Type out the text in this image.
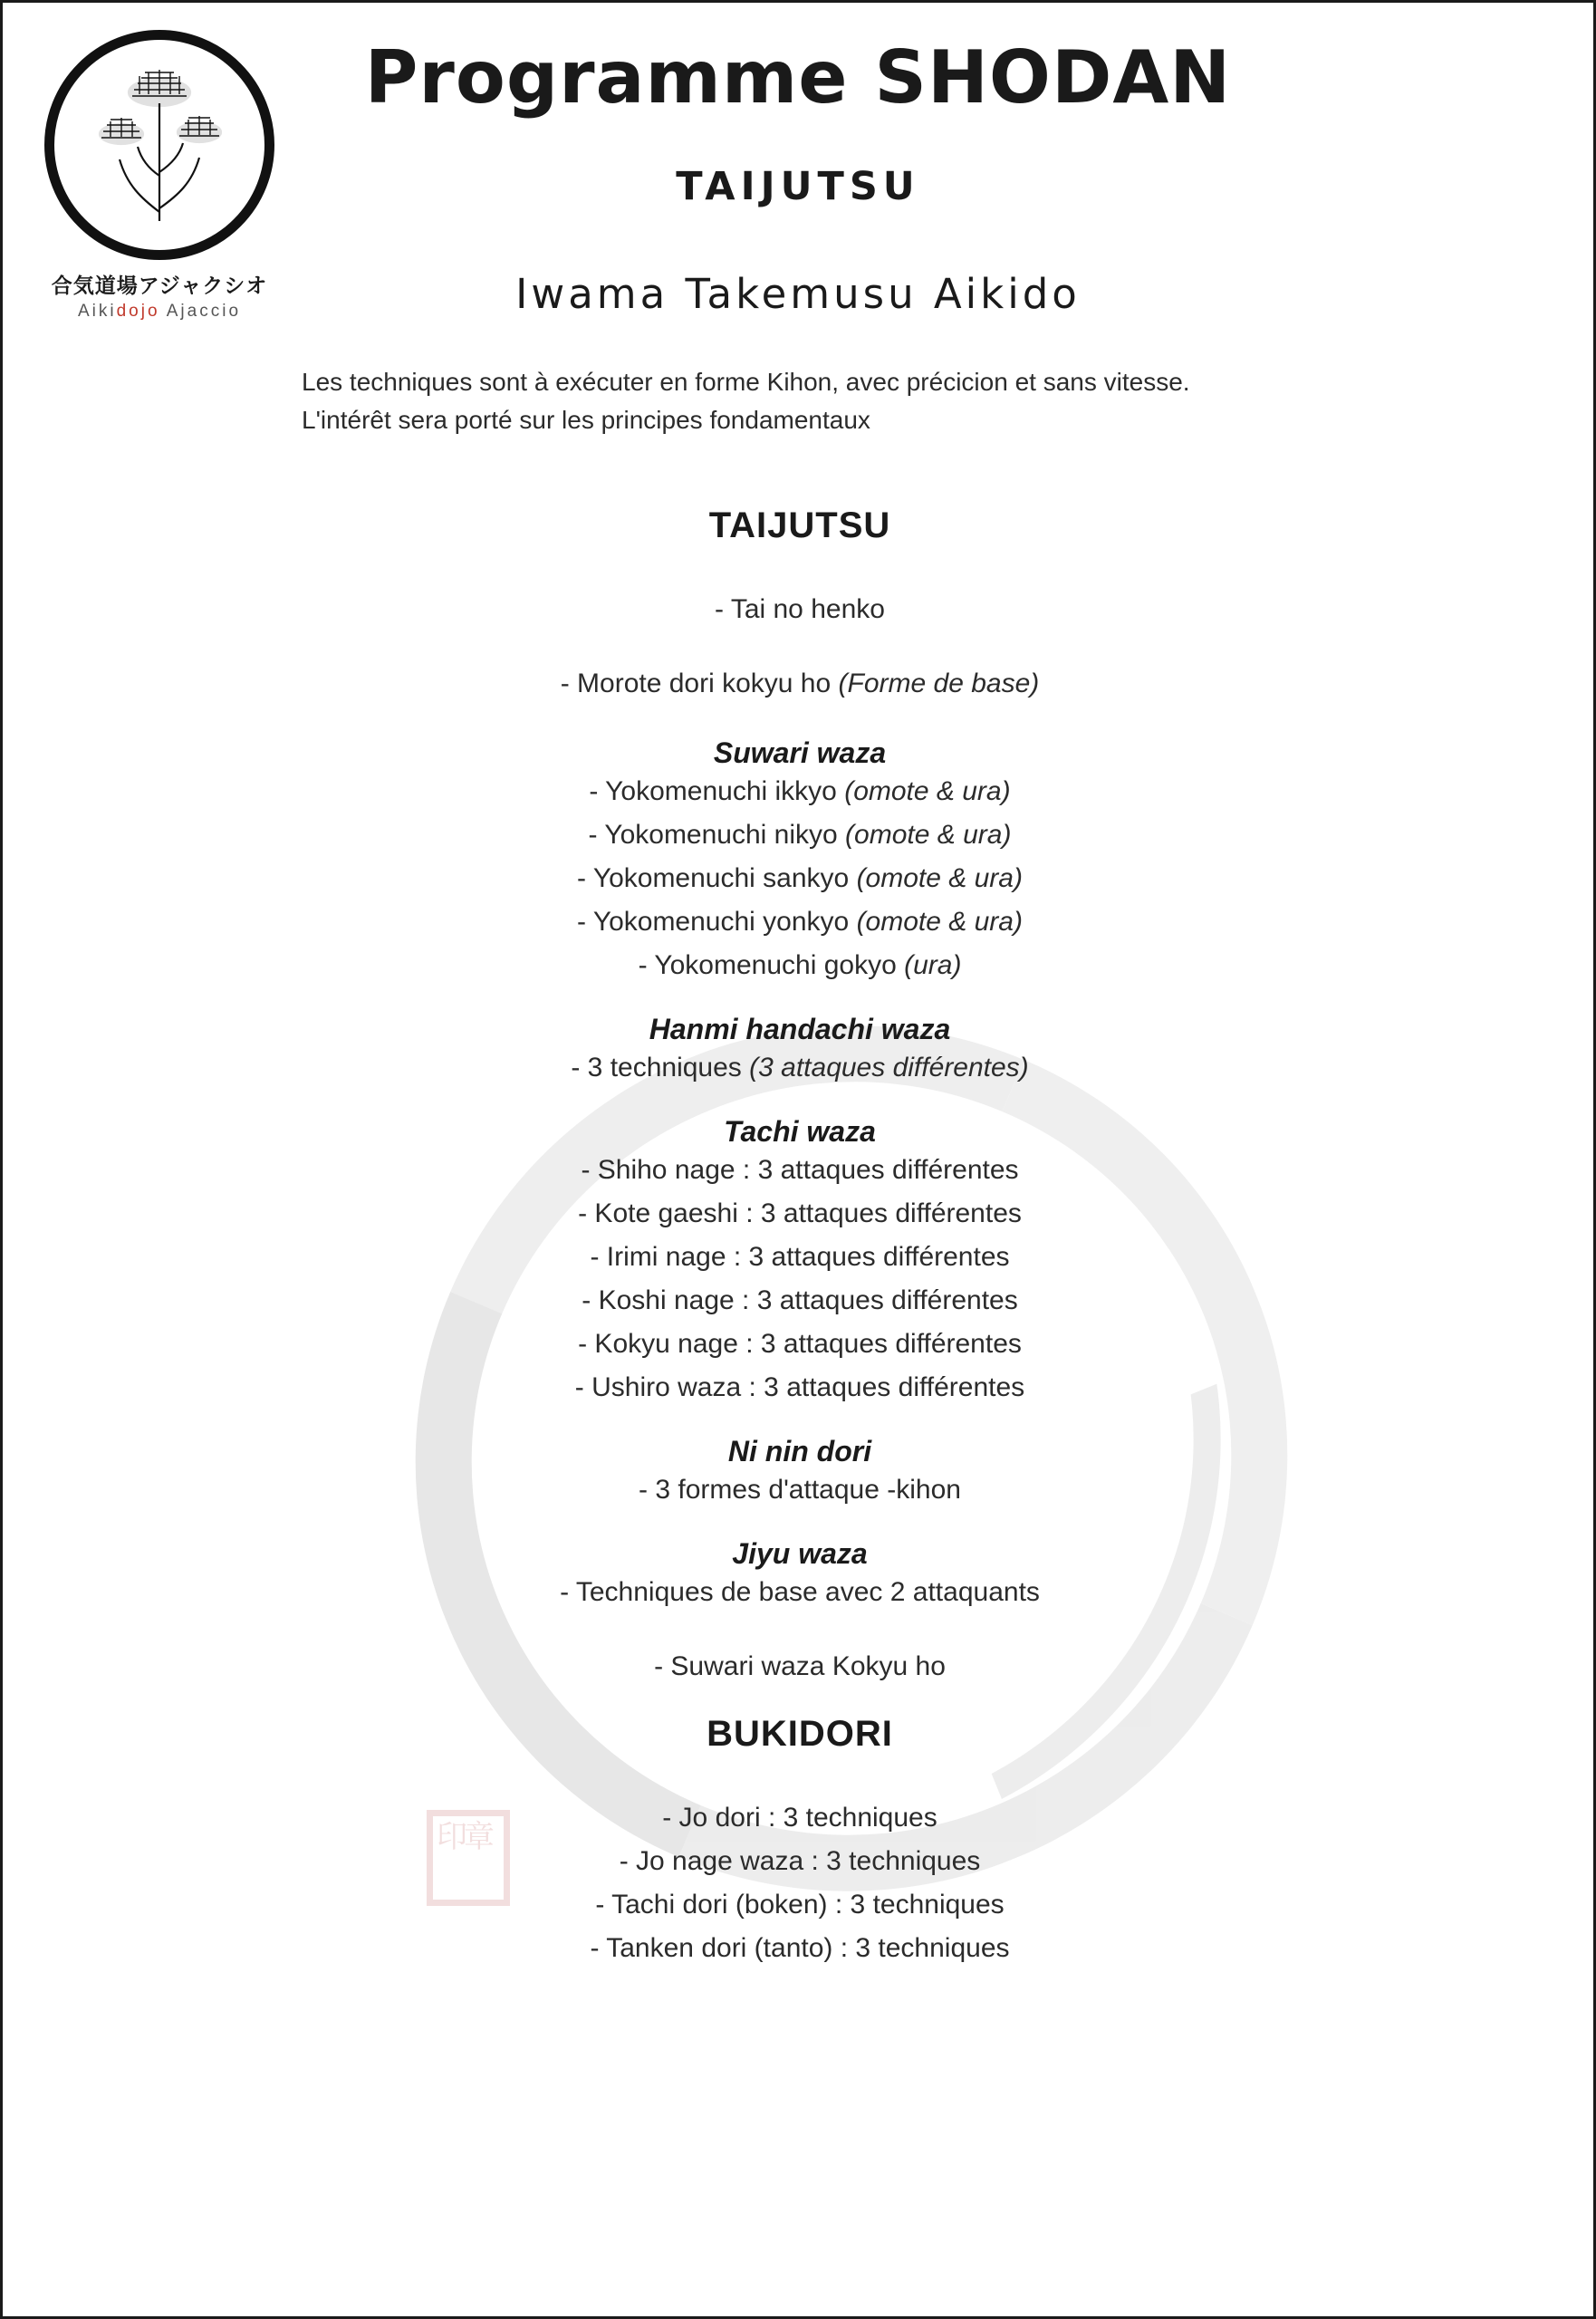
印章
合気道場アジャクシオ
Aikidojo Ajaccio
Programme SHODAN
TAIJUTSU
Iwama Takemusu Aikido
Les techniques sont à exécuter en forme Kihon, avec précicion et sans vitesse.
L'intérêt sera porté sur les principes fondamentaux
TAIJUTSU
- Tai no henko
- Morote dori kokyu ho (Forme de base)
Suwari waza
- Yokomenuchi ikkyo (omote & ura)
- Yokomenuchi nikyo (omote & ura)
- Yokomenuchi sankyo (omote & ura)
- Yokomenuchi yonkyo (omote & ura)
- Yokomenuchi gokyo (ura)
Hanmi handachi waza
- 3 techniques (3 attaques différentes)
Tachi waza
- Shiho nage : 3 attaques différentes
- Kote gaeshi : 3 attaques différentes
- Irimi nage : 3 attaques différentes
- Koshi nage : 3 attaques différentes
- Kokyu nage : 3 attaques différentes
- Ushiro waza : 3 attaques différentes
Ni nin dori
- 3 formes d'attaque -kihon
Jiyu waza
- Techniques de base avec 2 attaquants
- Suwari waza Kokyu ho
BUKIDORI
- Jo dori : 3 techniques
- Jo nage waza : 3 techniques
- Tachi dori (boken) : 3 techniques
- Tanken dori (tanto) : 3 techniques
